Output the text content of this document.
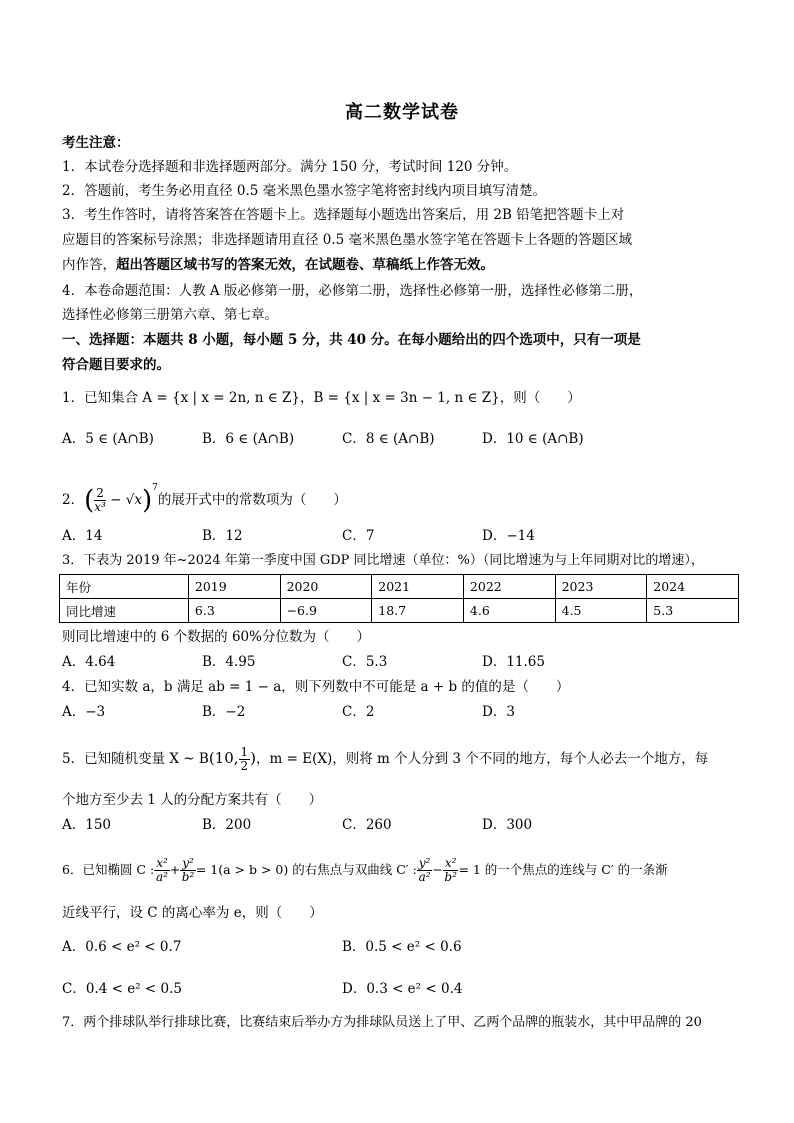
高二数学试卷
考生注意：
1．本试卷分选择题和非选择题两部分。满分 150 分，考试时间 120 分钟。
2．答题前，考生务必用直径 0.5 毫米黑色墨水签字笔将密封线内项目填写清楚。
3．考生作答时，请将答案答在答题卡上。选择题每小题选出答案后，用 2B 铅笔把答题卡上对
应题目的答案标号涂黑；非选择题请用直径 0.5 毫米黑色墨水签字笔在答题卡上各题的答题区域
内作答，超出答题区域书写的答案无效，在试题卷、草稿纸上作答无效。
4．本卷命题范围：人教 A 版必修第一册，必修第二册，选择性必修第一册，选择性必修第二册，
选择性必修第三册第六章、第七章。
一、选择题：本题共 8 小题，每小题 5 分，共 40 分。在每小题给出的四个选项中，只有一项是
符合题目要求的。
1．已知集合 A = {x | x = 2n, n ∈ Z}，B = {x | x = 3n − 1, n ∈ Z}，则（　　）
A．5 ∈ (A∩B)	B．6 ∈ (A∩B)	C．8 ∈ (A∩B)	D．10 ∈ (A∩B)
2．( $\frac{2}{\text{x³}} - √x)^7$的展开式中的常数项为（　　）
A．14	B．12	C．7	D．−14
3．下表为 2019 年~2024 年第一季度中国 GDP 同比增速（单位：%）（同比增速为与上年同期对比的增速），
年份	2019	2020	2021	2022	2023	2024
同比增速	6.3	−6.9	18.7	4.6	4.5	5.3
则同比增速中的 6 个数据的 60%分位数为（　　）
A．4.64	B．4.95	C．5.3	D．11.65
4．已知实数 a，b 满足 ab = 1 − a，则下列数中不可能是 a + b 的值的是（　　）
A．−3	B．−2	C．2	D．3
5．已知随机变量 X ~ B(10, $\frac{1}{2}$ )，m = E(X)，则将 m 个人分到 3 个不同的地方，每个人必去一个地方，每
个地方至少去 1 人的分配方案共有（　　）
A．150	B．200	C．260	D．300
6．已知椭圆 C : $\frac{\text{x²}}{\text{a²}} + \frac{\text{y²}}{\text{b²}} = 1(a > b > 0)$ 的右焦点与双曲线 C′ : $\frac{\text{y²}}{\text{a²}} - \frac{\text{x²}}{\text{b²}} = 1$ 的一个焦点的连线与 C′ 的一条渐
近线平行，设 C 的离心率为 e，则（　　）
A．0.6 < e² < 0.7	B．0.5 < e² < 0.6
C．0.4 < e² < 0.5	D．0.3 < e² < 0.4
7．两个排球队举行排球比赛，比赛结束后举办方为排球队员送上了甲、乙两个品牌的瓶装水，其中甲品牌的 20
